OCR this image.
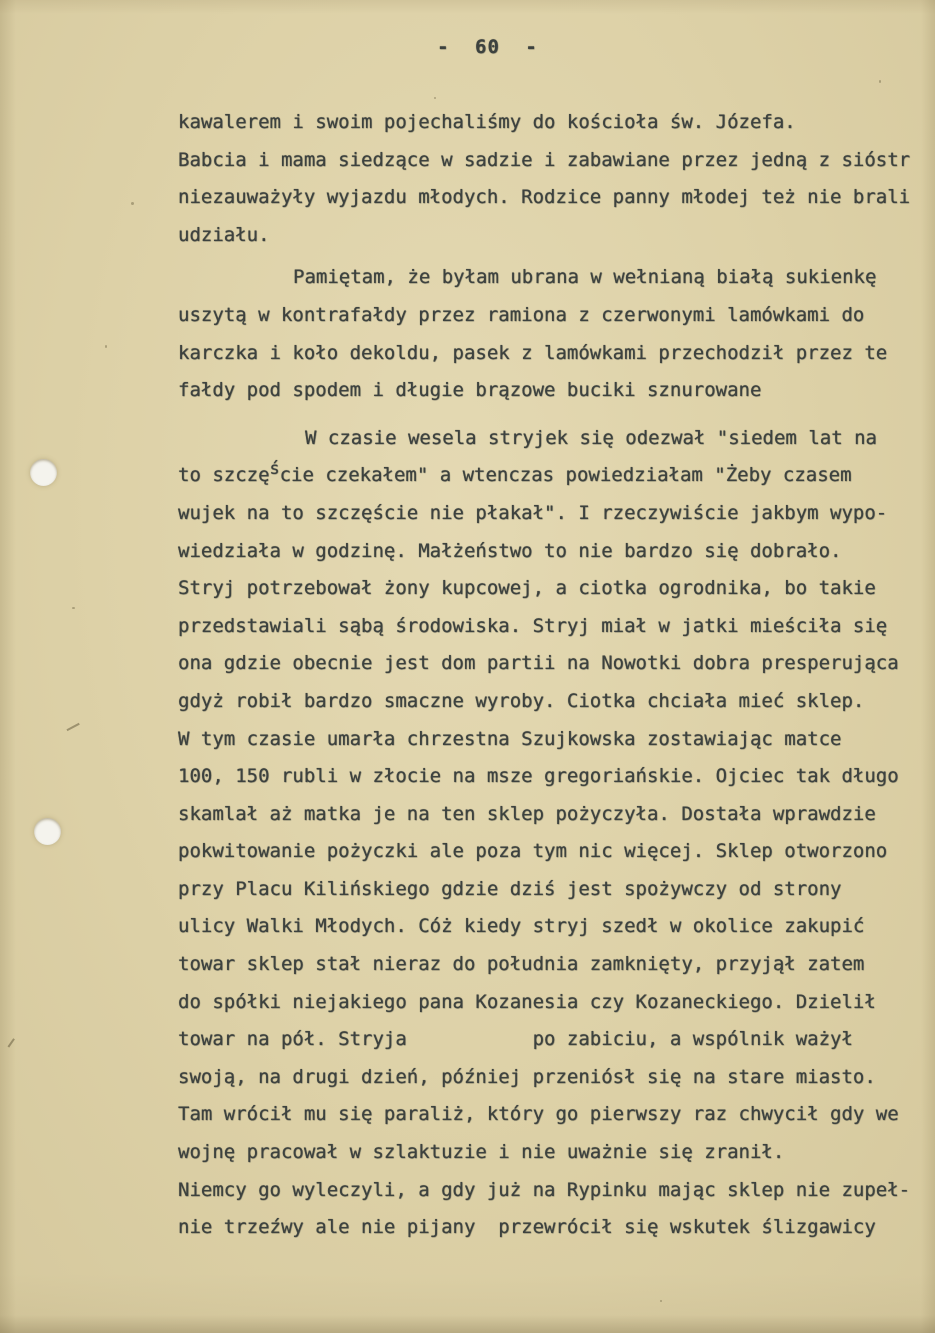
- 60 -
kawalerem i swoim pojechaliśmy do kościoła św. Józefa.
Babcia i mama siedzące w sadzie i zabawiane przez jedną z sióstr
niezauważyły wyjazdu młodych. Rodzice panny młodej też nie brali
udziału.
Pamiętam, że byłam ubrana w wełnianą białą sukienkę
uszytą w kontrafałdy przez ramiona z czerwonymi lamówkami do
karczka i koło dekoldu, pasek z lamówkami przechodził przez te
fałdy pod spodem i długie brązowe buciki sznurowane
W czasie wesela stryjek się odezwał "siedem lat na
to szczęście czekałem" a wtenczas powiedziałam "Żeby czasem
wujek na to szczęście nie płakał". I rzeczywiście jakbym wypo-
wiedziała w godzinę. Małżeństwo to nie bardzo się dobrało.
Stryj potrzebował żony kupcowej, a ciotka ogrodnika, bo takie
przedstawiali sąbą środowiska. Stryj miał w jatki mieściła się
ona gdzie obecnie jest dom partii na Nowotki dobra presperująca
gdyż robił bardzo smaczne wyroby. Ciotka chciała mieć sklep.
W tym czasie umarła chrzestna Szujkowska zostawiając matce
100, 150 rubli w złocie na msze gregoriańskie. Ojciec tak długo
skamlał aż matka je na ten sklep pożyczyła. Dostała wprawdzie
pokwitowanie pożyczki ale poza tym nic więcej. Sklep otworzono
przy Placu Kilińskiego gdzie dziś jest spożywczy od strony
ulicy Walki Młodych. Cóż kiedy stryj szedł w okolice zakupić
towar sklep stał nieraz do południa zamknięty, przyjął zatem
do spółki niejakiego pana Kozanesia czy Kozaneckiego. Dzielił
towar na pół. Stryja           po zabiciu, a wspólnik ważył
swoją, na drugi dzień, później przeniósł się na stare miasto.
Tam wrócił mu się paraliż, który go pierwszy raz chwycił gdy we
wojnę pracował w szlaktuzie i nie uważnie się zranił.
Niemcy go wyleczyli, a gdy już na Rypinku mając sklep nie zupeł-
nie trzeźwy ale nie pijany  przewrócił się wskutek ślizgawicy
